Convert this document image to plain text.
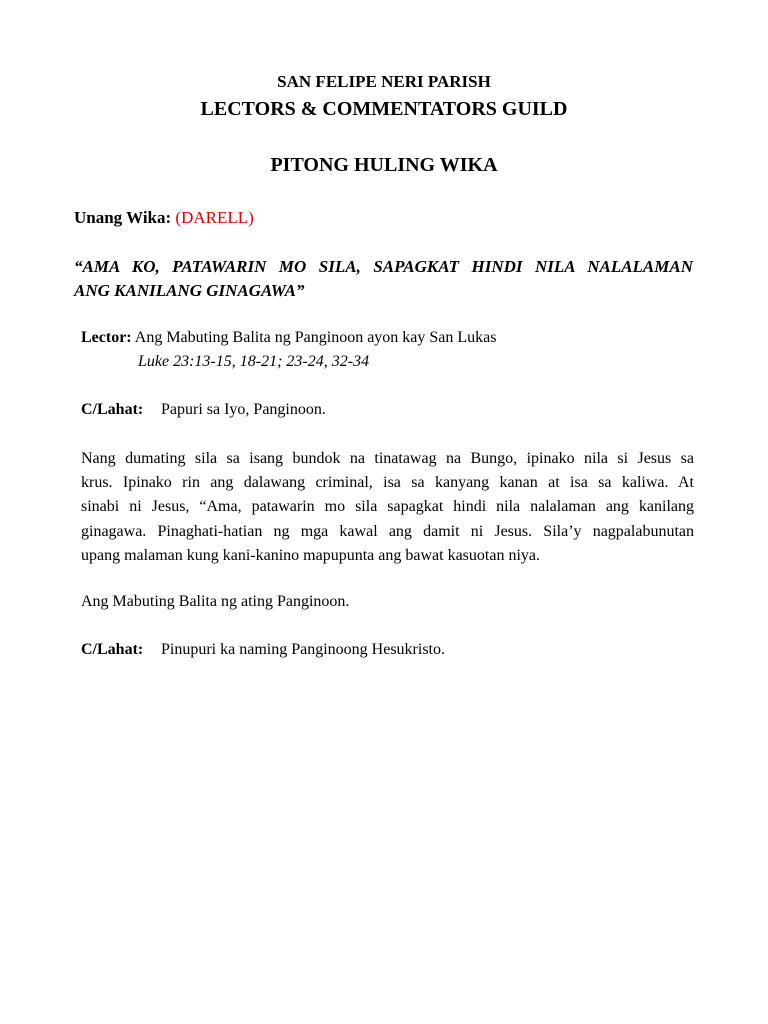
SAN FELIPE NERI PARISH
LECTORS & COMMENTATORS GUILD
PITONG HULING WIKA
Unang Wika: (DARELL)
“AMA KO, PATAWARIN MO SILA, SAPAGKAT HINDI NILA NALALAMAN
ANG KANILANG GINAGAWA”
Lector: Ang Mabuting Balita ng Panginoon ayon kay San Lukas
Luke 23:13-15, 18-21; 23-24, 32-34
C/Lahat: Papuri sa Iyo, Panginoon.
Nang dumating sila sa isang bundok na tinatawag na Bungo, ipinako nila si Jesus sa
krus. Ipinako rin ang dalawang criminal, isa sa kanyang kanan at isa sa kaliwa. At
sinabi ni Jesus, “Ama, patawarin mo sila sapagkat hindi nila nalalaman ang kanilang
ginagawa. Pinaghati-hatian ng mga kawal ang damit ni Jesus. Sila’y nagpalabunutan
upang malaman kung kani-kanino mapupunta ang bawat kasuotan niya.
Ang Mabuting Balita ng ating Panginoon.
C/Lahat: Pinupuri ka naming Panginoong Hesukristo.
